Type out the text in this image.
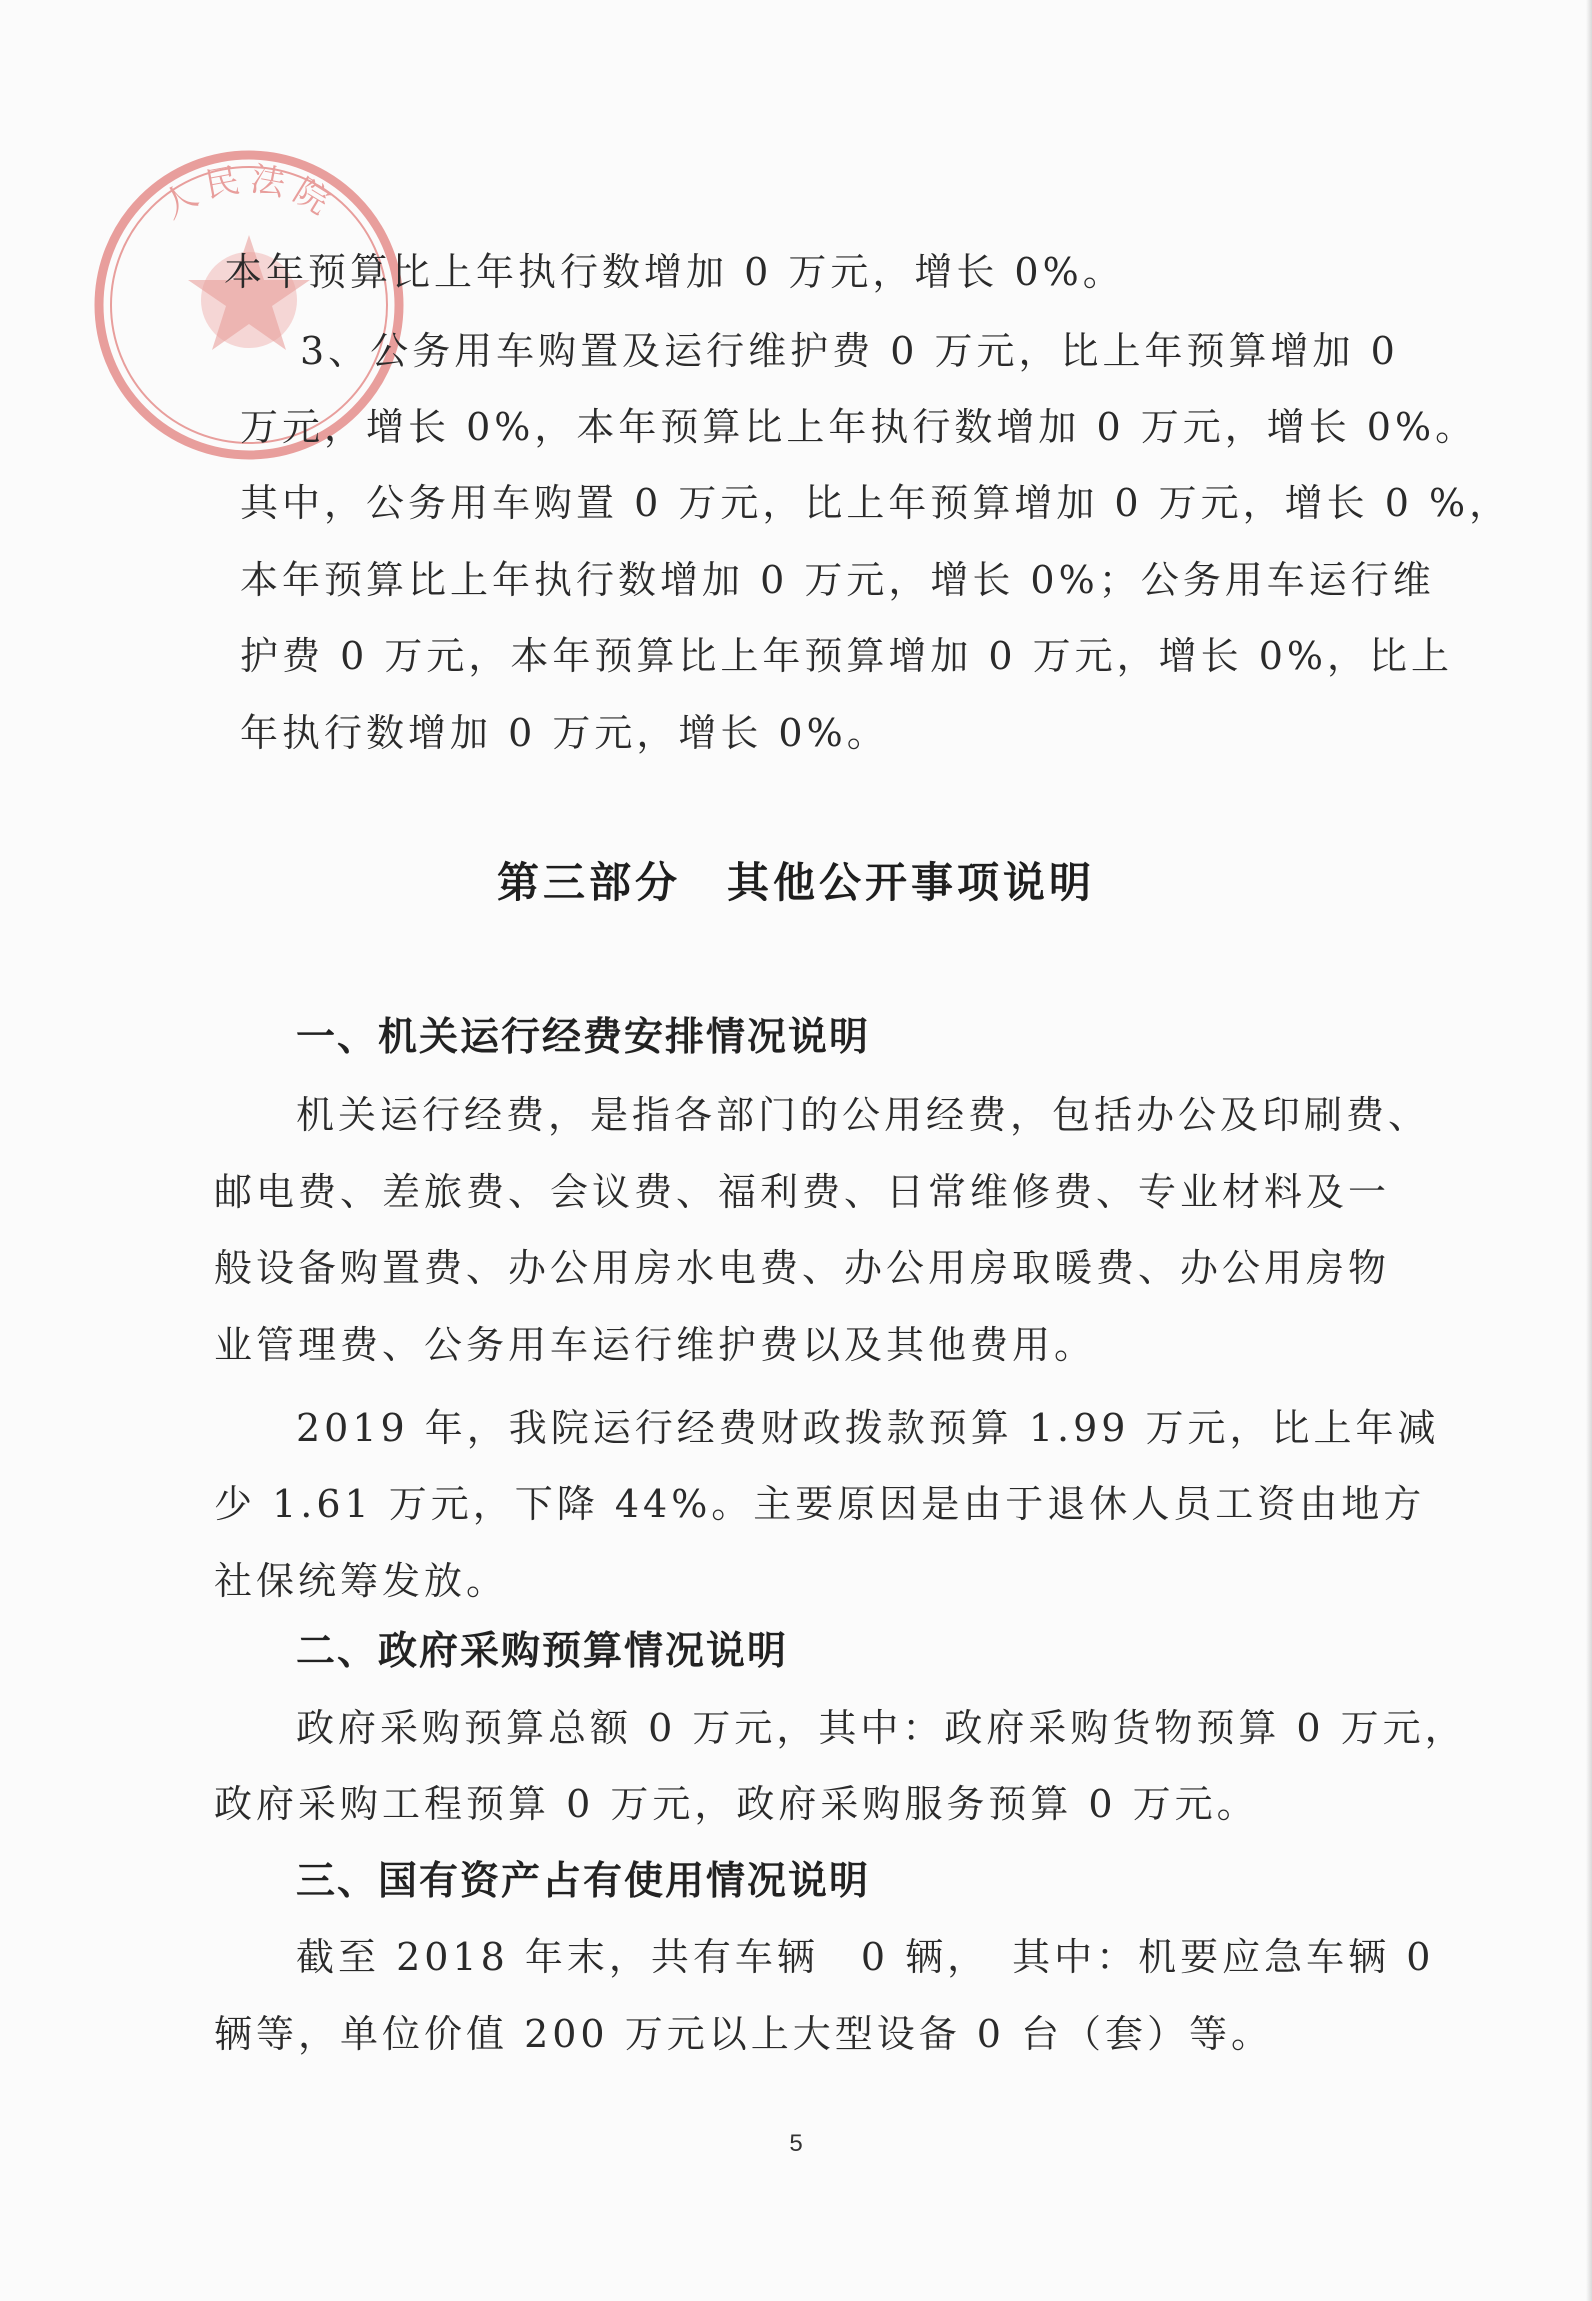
人民法院
本年预算比上年执行数增加 0 万元，增长 0%。
3、公务用车购置及运行维护费 0 万元，比上年预算增加 0
万元，增长 0%，本年预算比上年执行数增加 0 万元，增长 0%。
其中，公务用车购置 0 万元，比上年预算增加 0 万元，增长 0 %，
本年预算比上年执行数增加 0 万元，增长 0%；公务用车运行维
护费 0 万元，本年预算比上年预算增加 0 万元，增长 0%，比上
年执行数增加 0 万元，增长 0%。
第三部分　其他公开事项说明
一、机关运行经费安排情况说明
机关运行经费，是指各部门的公用经费，包括办公及印刷费、
邮电费、差旅费、会议费、福利费、日常维修费、专业材料及一
般设备购置费、办公用房水电费、办公用房取暖费、办公用房物
业管理费、公务用车运行维护费以及其他费用。
2019 年，我院运行经费财政拨款预算 1.99 万元，比上年减
少 1.61 万元，下降 44%。主要原因是由于退休人员工资由地方
社保统筹发放。
二、政府采购预算情况说明
政府采购预算总额 0 万元，其中：政府采购货物预算 0 万元，
政府采购工程预算 0 万元，政府采购服务预算 0 万元。
三、国有资产占有使用情况说明
截至 2018 年末，共有车辆　0 辆，　其中：机要应急车辆 0
辆等，单位价值 200 万元以上大型设备 0 台（套）等。
5
